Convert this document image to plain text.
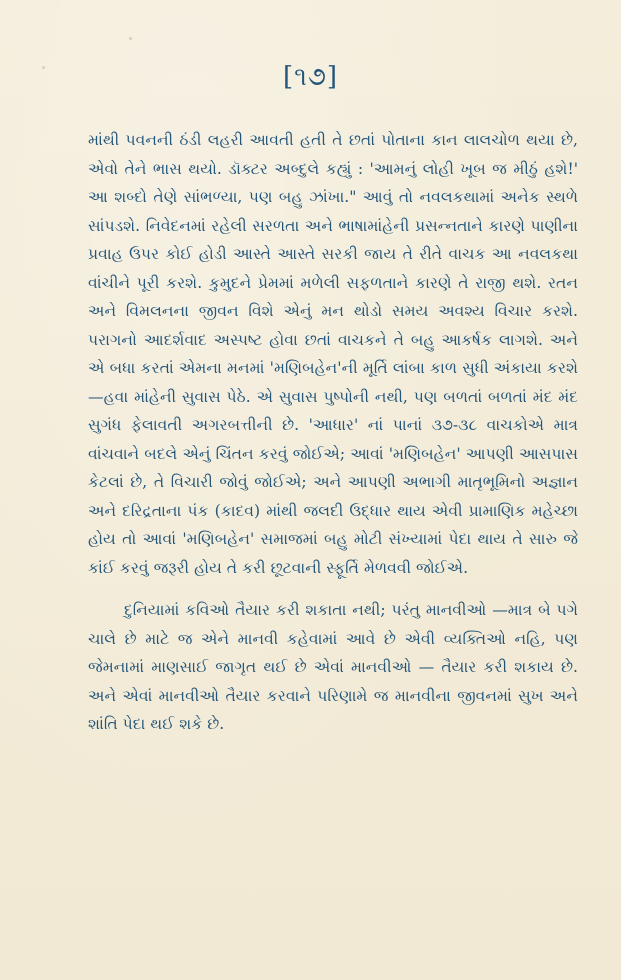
[૧૭]

માંથી પવનની ઠંડી લહરી આવતી હતી તે છતાં પોતાના કાન લાલચોળ થયા છે, એવો તેને ભાસ થયો. ડૉક્ટર અબ્દુલે કહ્યું : 'આમનું લોહી ખૂબ જ મીઠું હશે!' આ શબ્દો તેણે સાંભળ્યા, પણ બહુ ઝાંખા." આવું તો નવલકથામાં અનેક સ્થળે સાંપડશે. નિવેદનમાં રહેલી સરળતા અને ભાષામાંહેની પ્રસન્નતાને કારણે પાણીના પ્રવાહ ઉપર કોઈ હોડી આસ્તે આસ્તે સરકી જાય તે રીતે વાચક આ નવલકથા વાંચીને પૂરી કરશે. કુમુદને પ્રેમમાં મળેલી સફળતાને કારણે તે રાજી થશે. રતન અને વિમલનના જીવન વિશે એનું મન થોડો સમય અવશ્ય વિચાર કરશે. પરાગનો આદર્શવાદ અસ્પષ્ટ હોવા છતાં વાચકને તે બહુ આકર્ષક લાગશે. અને એ બધા કરતાં એમના મનમાં 'મણિબહેન'ની મૂર્તિ લાંબા કાળ સુધી અંકાયા કરશે—હવા માંહેની સુવાસ પેઠે. એ સુવાસ પુષ્પોની નથી, પણ બળતાં બળતાં મંદ મંદ સુગંધ ફેલાવતી અગરબત્તીની છે. 'આધાર' નાં પાનાં ૩૭-૩૮ વાચકોએ માત્ર વાંચવાને બદલે એનું ચિંતન કરવું જોઈએ; આવાં 'મણિબહેન' આપણી આસપાસ કેટલાં છે, તે વિચારી જોવું જોઈએ; અને આપણી અભાગી માતૃભૂમિનો અજ્ઞાન અને દરિદ્રતાના પંક (કાદવ) માંથી જલદી ઉદ્ધાર થાય એવી પ્રામાણિક મહેચ્છા હોય તો આવાં 'મણિબહેન' સમાજમાં બહુ મોટી સંખ્યામાં પેદા થાય તે સારુ જે કાંઈ કરવું જરૂરી હોય તે કરી છૂટવાની સ્ફૂર્તિ મેળવવી જોઈએ.

દુનિયામાં કવિઓ તૈયાર કરી શકાતા નથી; પરંતુ માનવીઓ —માત્ર બે પગે ચાલે છે માટે જ એને માનવી કહેવામાં આવે છે એવી વ્યક્તિઓ નહિ, પણ જેમનામાં માણસાઈ જાગૃત થઈ છે એવાં માનવીઓ — તૈયાર કરી શકાય છે. અને એવાં માનવીઓ તૈયાર કરવાને પરિણામે જ માનવીના જીવનમાં સુખ અને શાંતિ પેદા થઈ શકે છે.
